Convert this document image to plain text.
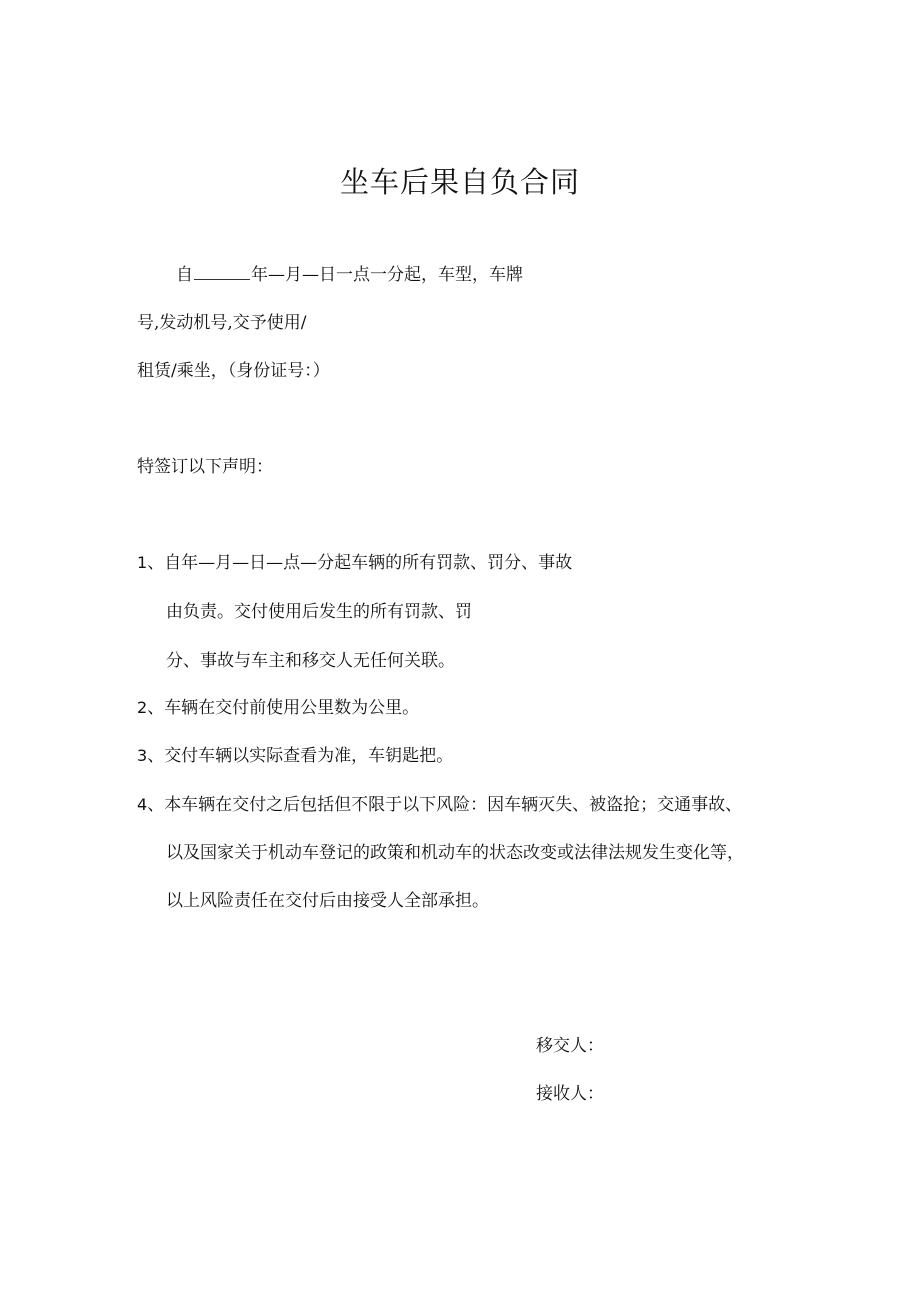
坐车后果自负合同
自	年—月—日一点一分起，车型，车牌
号,发动机号,交予使用/
租赁/乘坐，（身份证号：）
特签订以下声明：
1、自年—月—日—点—分起车辆的所有罚款、罚分、事故
由负责。交付使用后发生的所有罚款、罚
分、事故与车主和移交人无任何关联。
2、车辆在交付前使用公里数为公里。
3、交付车辆以实际查看为准，车钥匙把。
4、本车辆在交付之后包括但不限于以下风险：因车辆灭失、被盗抢；交通事故、
以及国家关于机动车登记的政策和机动车的状态改变或法律法规发生变化等，
以上风险责任在交付后由接受人全部承担。
移交人：
接收人：
